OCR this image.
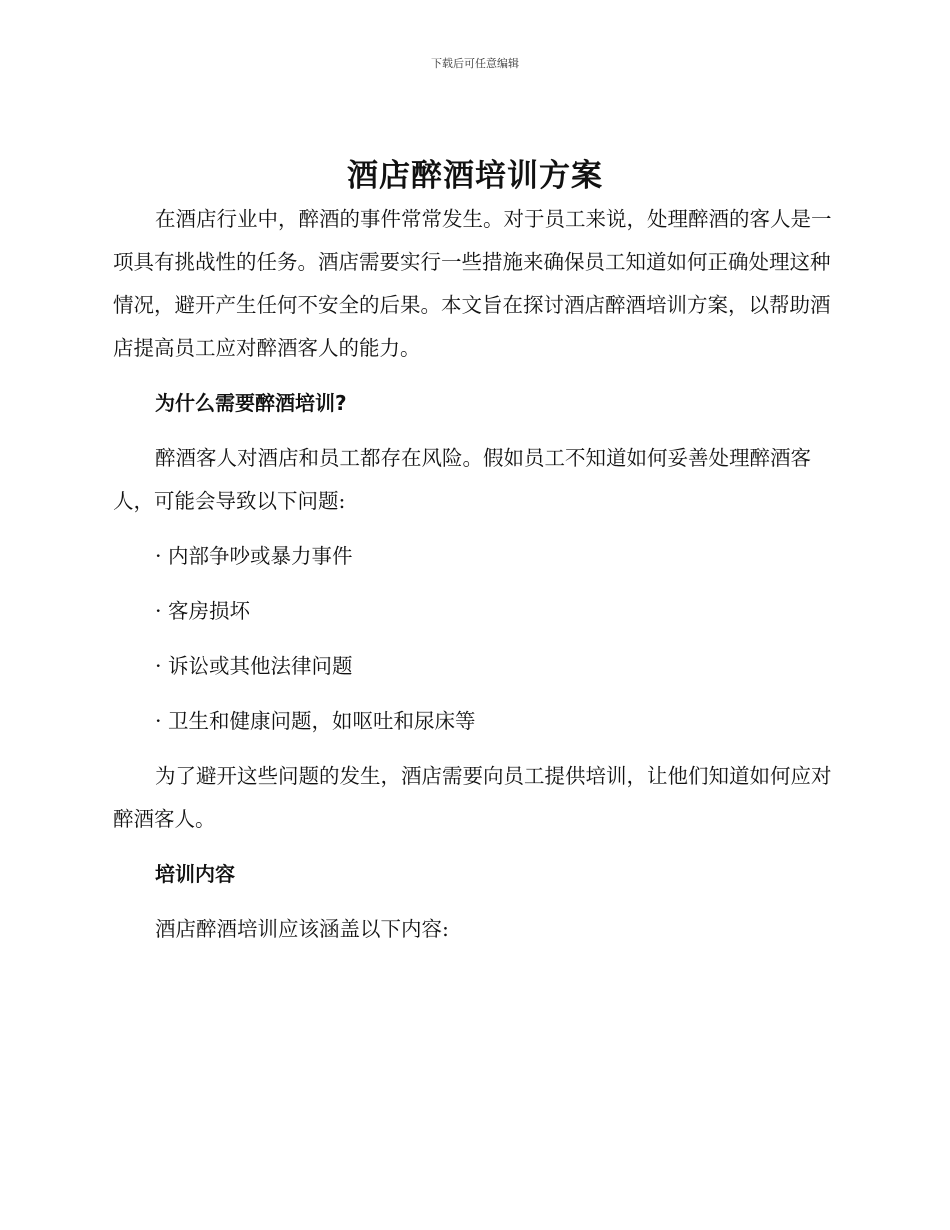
下载后可任意编辑
酒店醉酒培训方案

在酒店行业中，醉酒的事件常常发生。对于员工来说，处理醉酒的客人是一项具有挑战性的任务。酒店需要实行一些措施来确保员工知道如何正确处理这种情况，避开产生任何不安全的后果。本文旨在探讨酒店醉酒培训方案，以帮助酒店提高员工应对醉酒客人的能力。

为什么需要醉酒培训?

醉酒客人对酒店和员工都存在风险。假如员工不知道如何妥善处理醉酒客人，可能会导致以下问题:

· 内部争吵或暴力事件
· 客房损坏
· 诉讼或其他法律问题
· 卫生和健康问题，如呕吐和尿床等

为了避开这些问题的发生，酒店需要向员工提供培训，让他们知道如何应对醉酒客人。

培训内容

酒店醉酒培训应该涵盖以下内容:
